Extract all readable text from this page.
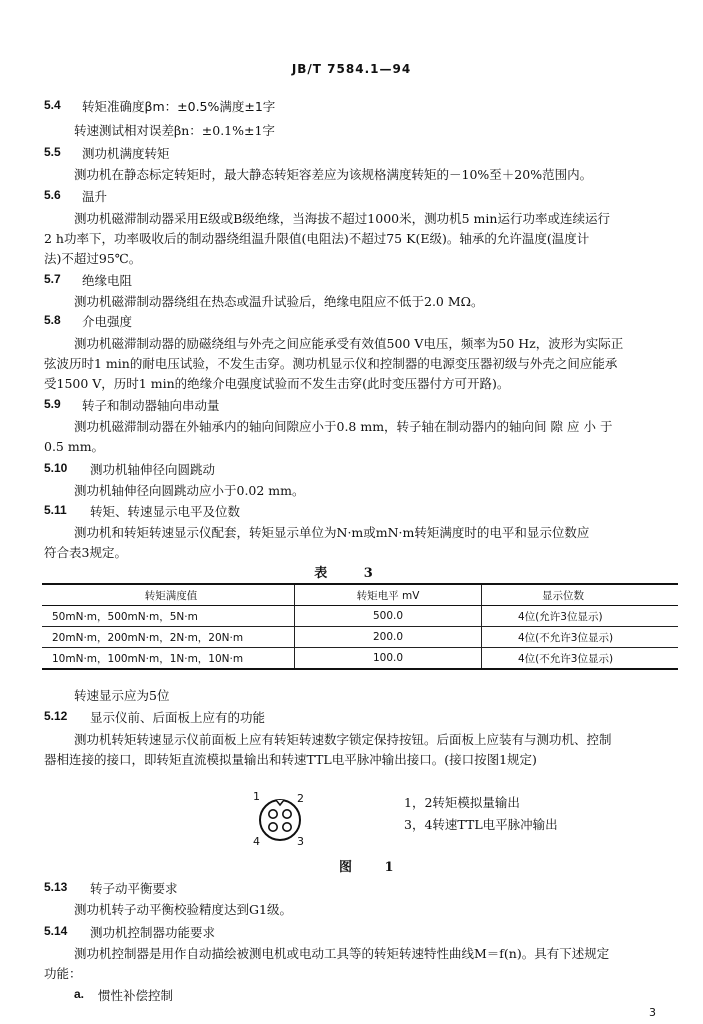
JB/T 7584.1—94
5.4 转矩准确度βm：±0.5%满度±1字
转速测试相对误差βn：±0.1%±1字
5.5 测功机满度转矩
测功机在静态标定转矩时，最大静态转矩容差应为该规格满度转矩的－10%至＋20%范围内。
5.6 温升
测功机磁滞制动器采用E级或B级绝缘，当海拔不超过1000米，测功机5 min运行功率或连续运行
2 h功率下，功率吸收后的制动器绕组温升限值(电阻法)不超过75 K(E级)。轴承的允许温度(温度计
法)不超过95℃。
5.7 绝缘电阻
测功机磁滞制动器绕组在热态或温升试验后，绝缘电阻应不低于2.0 MΩ。
5.8 介电强度
测功机磁滞制动器的励磁绕组与外壳之间应能承受有效值500 V电压，频率为50 Hz，波形为实际正
弦波历时1 min的耐电压试验，不发生击穿。测功机显示仪和控制器的电源变压器初级与外壳之间应能承
受1500 V，历时1 min的绝缘介电强度试验而不发生击穿(此时变压器付方可开路)。
5.9 转子和制动器轴向串动量
测功机磁滞制动器在外轴承内的轴向间隙应小于0.8 mm，转子轴在制动器内的轴向间 隙 应 小 于
0.5 mm。
5.10 测功机轴伸径向圆跳动
测功机轴伸径向圆跳动应小于0.02 mm。
5.11 转矩、转速显示电平及位数
测功机和转矩转速显示仪配套，转矩显示单位为N·m或mN·m转矩满度时的电平和显示位数应
符合表3规定。
表 3
转矩满度值	转矩电平 mV	显示位数
50mN·m，500mN·m，5N·m	500.0	4位(允许3位显示)
20mN·m，200mN·m，2N·m，20N·m	200.0	4位(不允许3位显示)
10mN·m，100mN·m，1N·m，10N·m	100.0	4位(不允许3位显示)
转速显示应为5位
5.12 显示仪前、后面板上应有的功能
测功机转矩转速显示仪前面板上应有转矩转速数字锁定保持按钮。后面板上应装有与测功机、控制
器相连接的接口，即转矩直流模拟量输出和转速TTL电平脉冲输出接口。(接口按图1规定)
1	2
3
4
1，2转矩模拟量输出
3，4转速TTL电平脉冲输出
图 1
5.13 转子动平衡要求
测功机转子动平衡校验精度达到G1级。
5.14 测功机控制器功能要求
测功机控制器是用作自动描绘被测电机或电动工具等的转矩转速特性曲线M＝f(n)。具有下述规定
功能：
a. 惯性补偿控制
3
